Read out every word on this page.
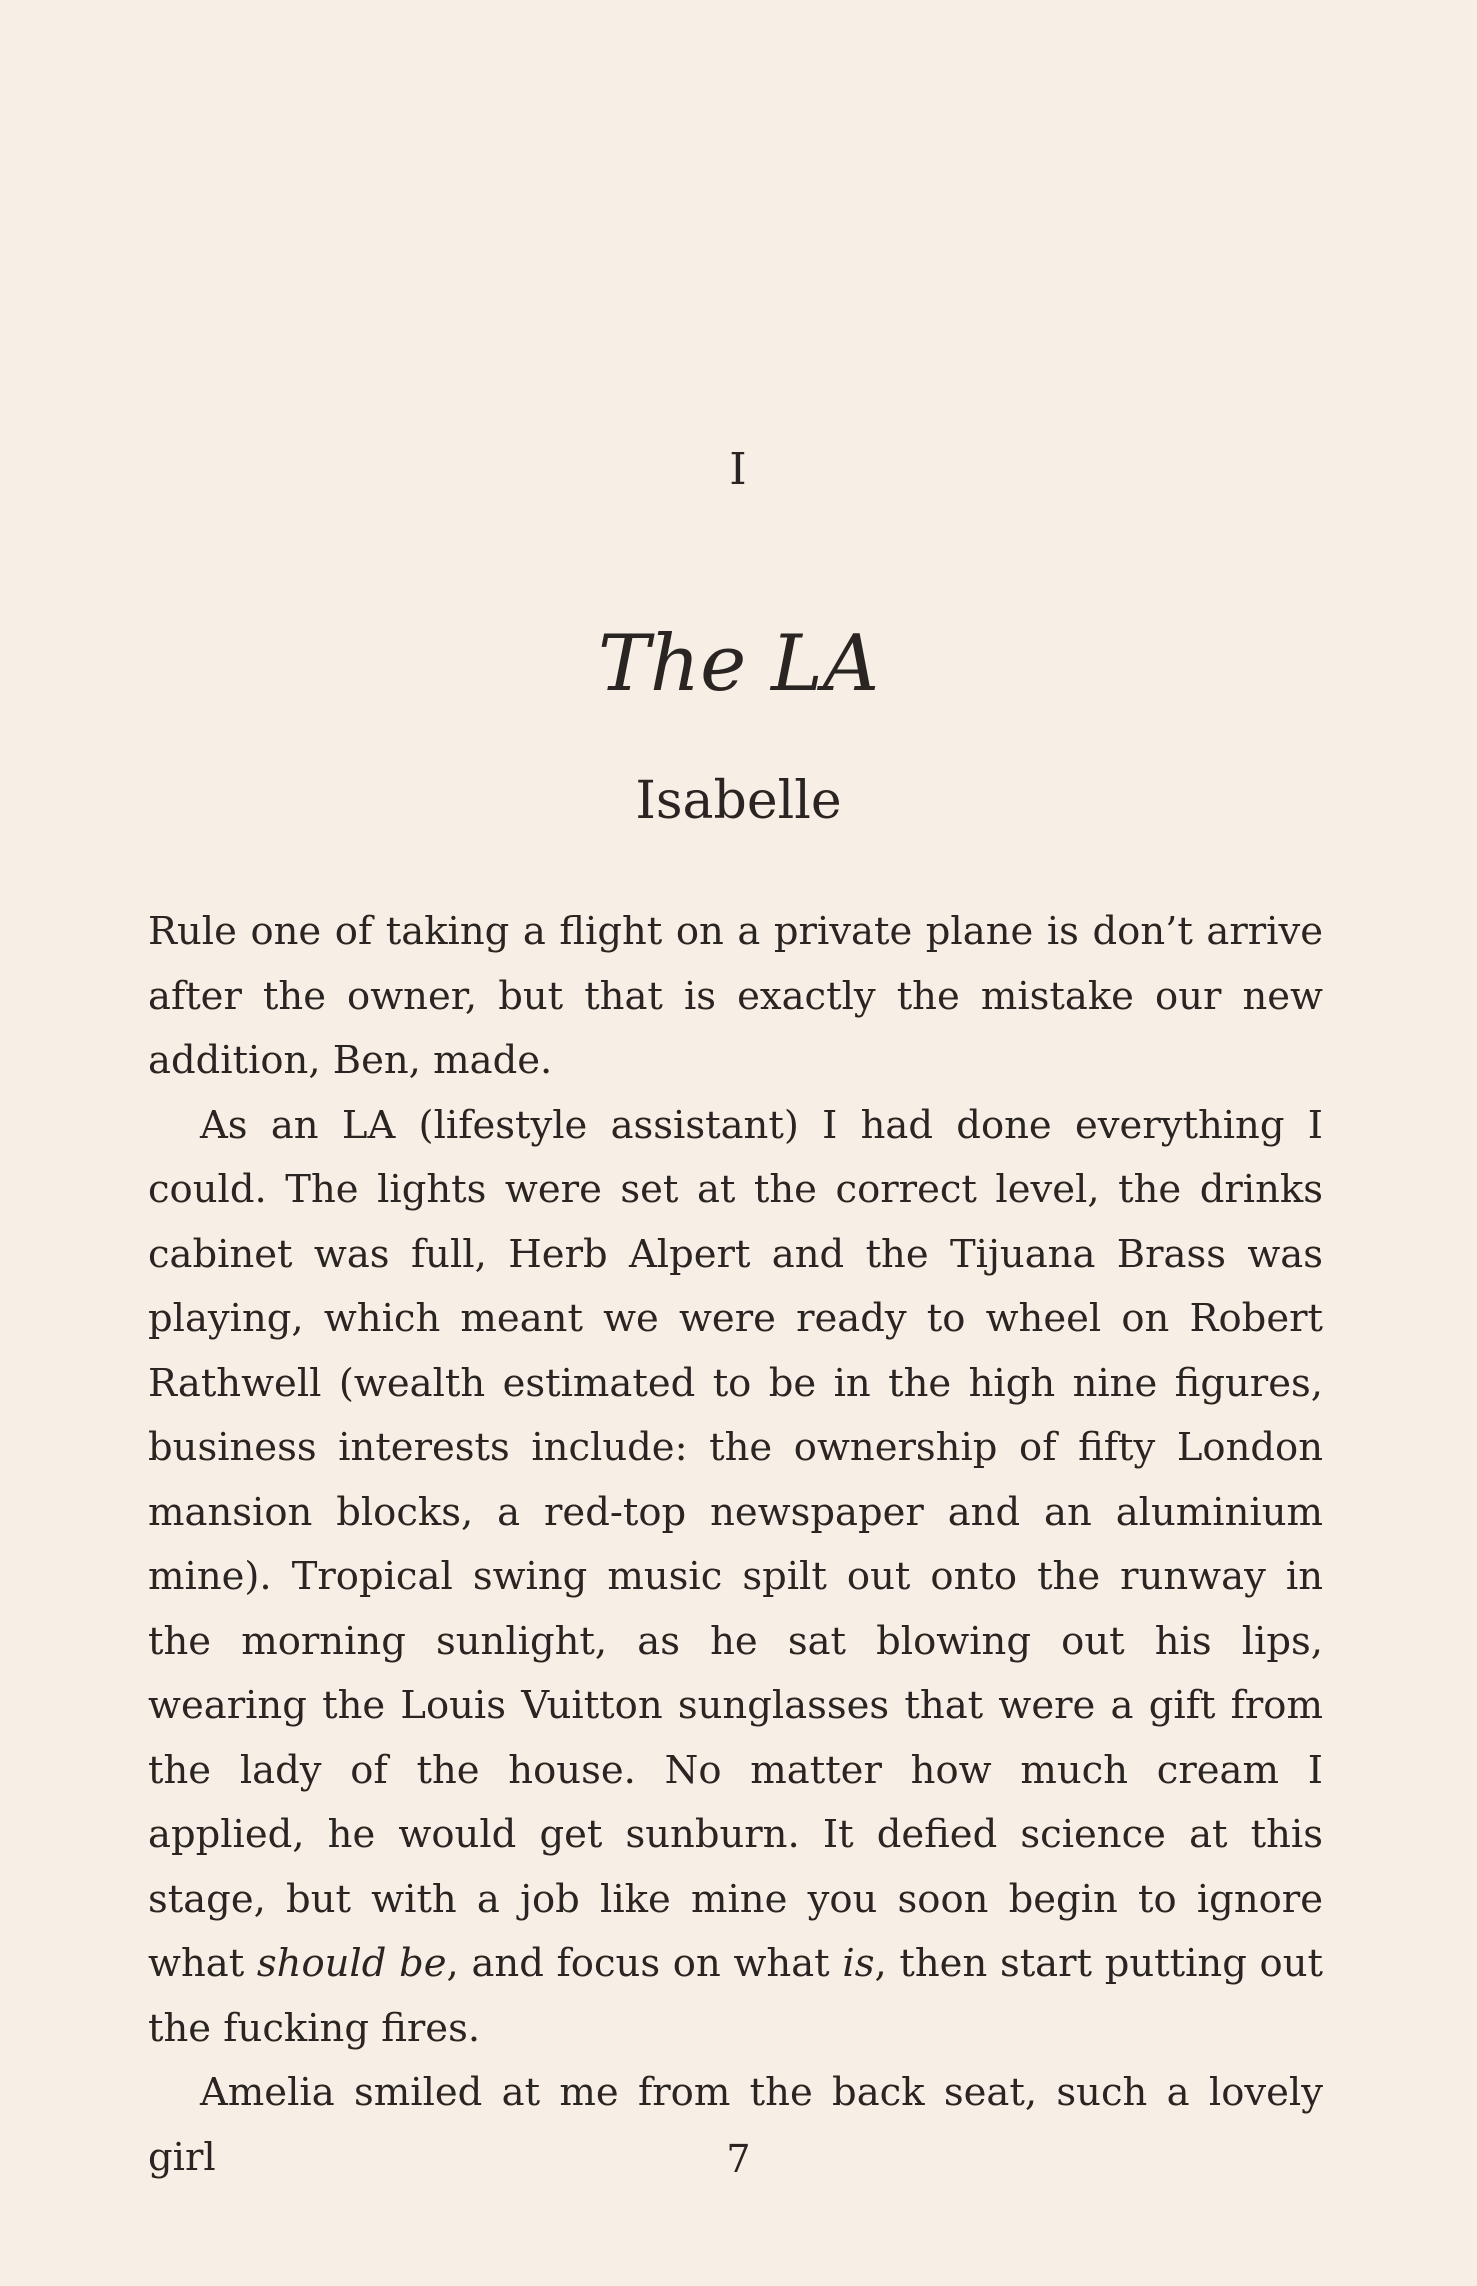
I
The LA
Isabelle

Rule one of taking a flight on a private plane is don’t arrive after the owner, but that is exactly the mistake our new addition, Ben, made.

As an LA (lifestyle assistant) I had done everything I could. The lights were set at the correct level, the drinks cabinet was full, Herb Alpert and the Tijuana Brass was playing, which meant we were ready to wheel on Robert Rathwell (wealth estimated to be in the high nine figures, business interests include: the ownership of fifty London mansion blocks, a red-top newspaper and an aluminium mine). Tropical swing music spilt out onto the runway in the morning sunlight, as he sat blowing out his lips, wearing the Louis Vuitton sunglasses that were a gift from the lady of the house. No matter how much cream I applied, he would get sunburn. It defied science at this stage, but with a job like mine you soon begin to ignore what should be, and focus on what is, then start putting out the fucking fires.

Amelia smiled at me from the back seat, such a lovely girl	7
